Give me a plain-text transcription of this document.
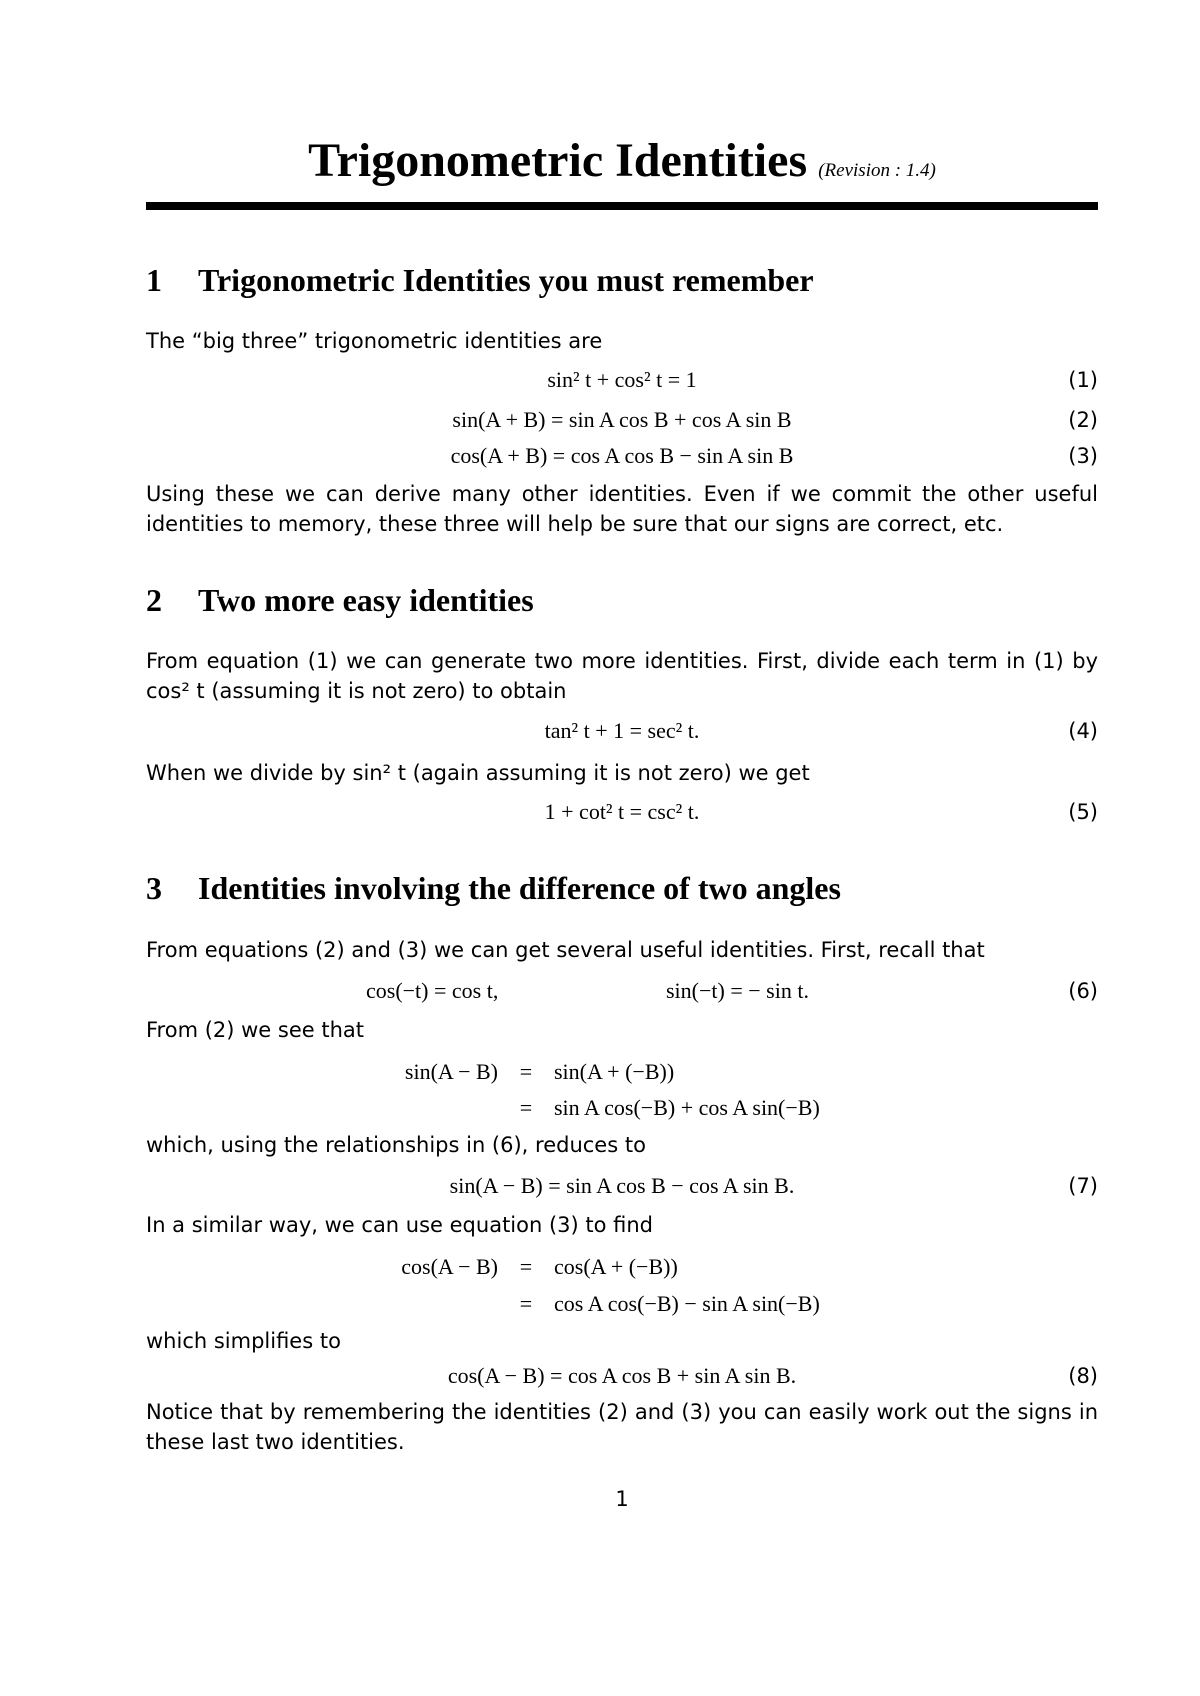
Trigonometric Identities (Revision : 1.4)
1 Trigonometric Identities you must remember

The “big three” trigonometric identities are

sin² t + cos² t = 1	(1)
sin(A + B) = sin A cos B + cos A sin B	(2)
cos(A + B) = cos A cos B − sin A sin B	(3)

Using these we can derive many other identities. Even if we commit the other useful identities to memory, these three will help be sure that our signs are correct, etc.

2 Two more easy identities

From equation (1) we can generate two more identities. First, divide each term in (1) by cos² t (assuming it is not zero) to obtain

tan² t + 1 = sec² t.	(4)

When we divide by sin² t (again assuming it is not zero) we get

1 + cot² t = csc² t.	(5)
3 Identities involving the difference of two angles

From equations (2) and (3) we can get several useful identities. First, recall that

cos(−t) = cos t,	sin(−t) = − sin t.	(6)

From (2) we see that

sin(A − B) = sin(A + (−B))
= sin A cos(−B) + cos A sin(−B)

which, using the relationships in (6), reduces to

sin(A − B) = sin A cos B − cos A sin B.	(7)

In a similar way, we can use equation (3) to find

cos(A − B) = cos(A + (−B))
= cos A cos(−B) − sin A sin(−B)

which simplifies to

cos(A − B) = cos A cos B + sin A sin B.	(8)

Notice that by remembering the identities (2) and (3) you can easily work out the signs in these last two identities.

1
